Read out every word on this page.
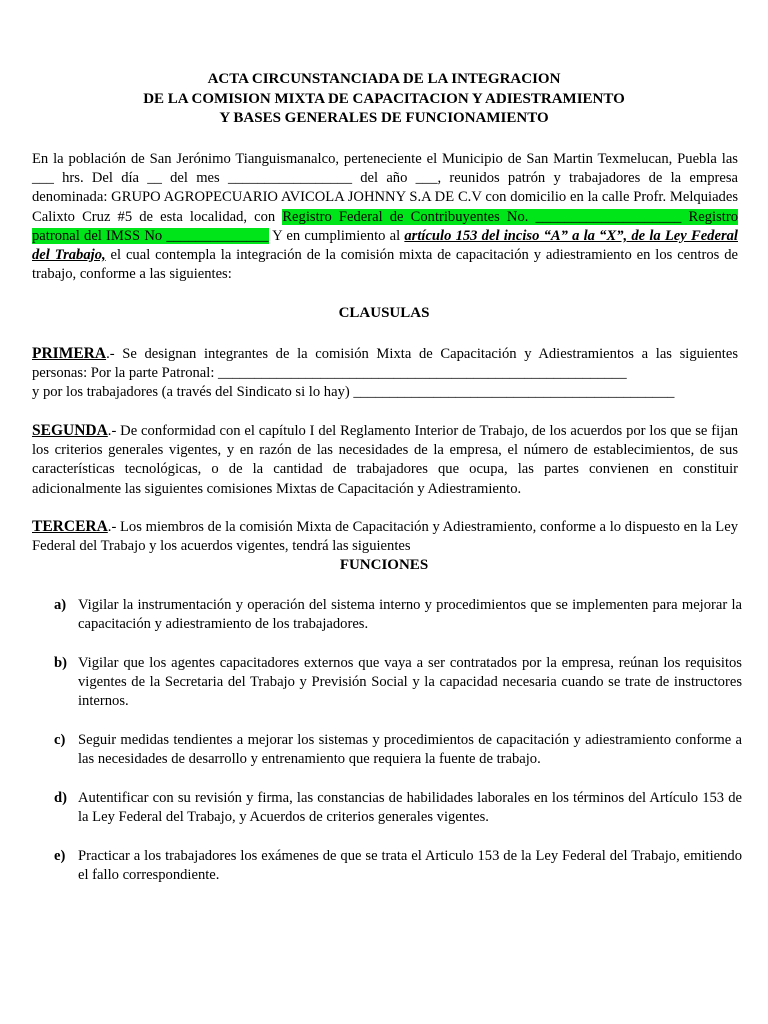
ACTA CIRCUNSTANCIADA DE LA INTEGRACION
DE LA COMISION MIXTA DE CAPACITACION Y ADIESTRAMIENTO
Y BASES GENERALES DE FUNCIONAMIENTO
En la población de San Jerónimo Tianguismanalco, perteneciente el Municipio de San Martin Texmelucan, Puebla las ___ hrs. Del día __ del mes _________________ del año ___, reunidos patrón y trabajadores de la empresa denominada: GRUPO AGROPECUARIO AVICOLA JOHNNY S.A DE C.V con domicilio en la calle Profr. Melquiades Calixto Cruz #5 de esta localidad, con Registro Federal de Contribuyentes No. ____________________ Registro patronal del IMSS No ______________ Y en cumplimiento al artículo 153 del inciso “A” a la “X”, de la Ley Federal del Trabajo, el cual contempla la integración de la comisión mixta de capacitación y adiestramiento en los centros de trabajo, conforme a las siguientes:
CLAUSULAS
PRIMERA.- Se designan integrantes de la comisión Mixta de Capacitación y Adiestramientos a las siguientes personas: Por la parte Patronal: ________________________________________________________
y por los trabajadores (a través del Sindicato si lo hay) ____________________________________________
SEGUNDA.- De conformidad con el capítulo I del Reglamento Interior de Trabajo, de los acuerdos por los que se fijan los criterios generales vigentes, y en razón de las necesidades de la empresa, el número de establecimientos, de sus características tecnológicas, o de la cantidad de trabajadores que ocupa, las partes convienen en constituir adicionalmente las siguientes comisiones Mixtas de Capacitación y Adiestramiento.
TERCERA.- Los miembros de la comisión Mixta de Capacitación y Adiestramiento, conforme a lo dispuesto en la Ley Federal del Trabajo y los acuerdos vigentes, tendrá las siguientes
FUNCIONES
a) Vigilar la instrumentación y operación del sistema interno y procedimientos que se implementen para mejorar la capacitación y adiestramiento de los trabajadores.
b) Vigilar que los agentes capacitadores externos que vaya a ser contratados por la empresa, reúnan los requisitos vigentes de la Secretaria del Trabajo y Previsión Social y la capacidad necesaria cuando se trate de instructores internos.
c) Seguir medidas tendientes a mejorar los sistemas y procedimientos de capacitación y adiestramiento conforme a las necesidades de desarrollo y entrenamiento que requiera la fuente de trabajo.
d) Autentificar con su revisión y firma, las constancias de habilidades laborales en los términos del Artículo 153 de la Ley Federal del Trabajo, y Acuerdos de criterios generales vigentes.
e) Practicar a los trabajadores los exámenes de que se trata el Articulo 153 de la Ley Federal del Trabajo, emitiendo el fallo correspondiente.
